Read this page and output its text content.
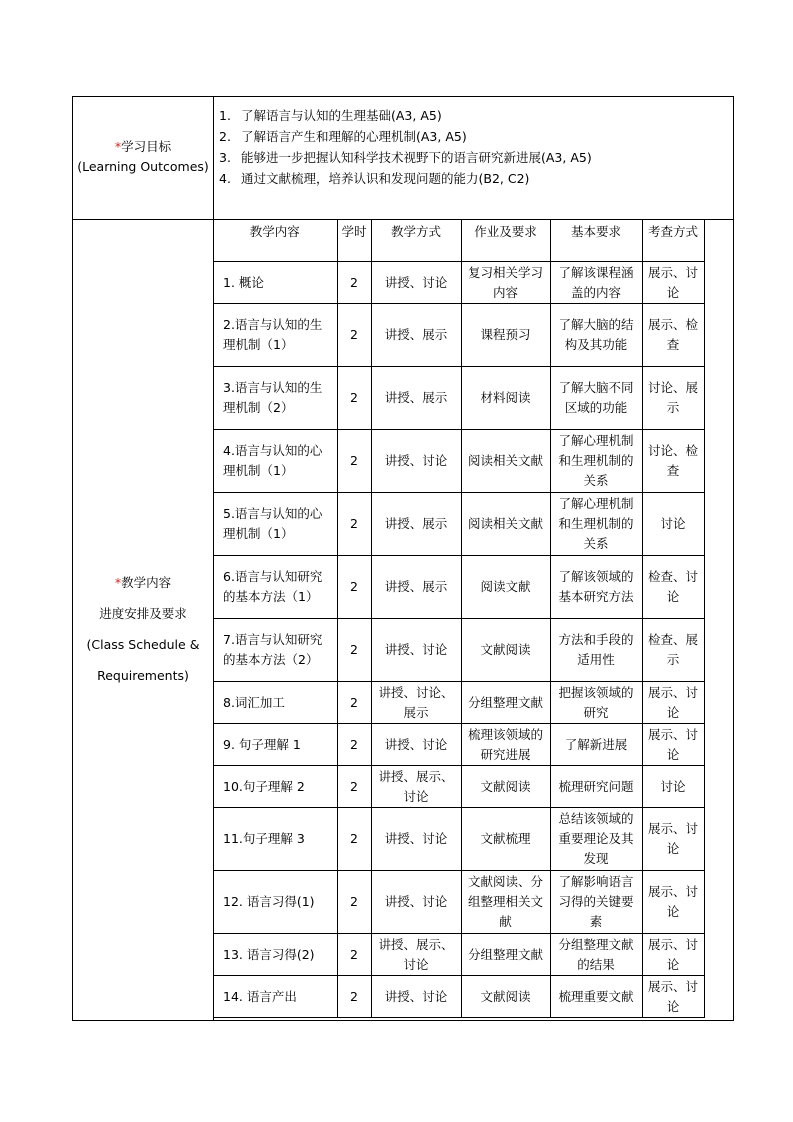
*学习目标
(Learning Outcomes)
1. 了解语言与认知的生理基础(A3, A5)
2. 了解语言产生和理解的心理机制(A3, A5)
3. 能够进一步把握认知科学技术视野下的语言研究新进展(A3, A5)
4. 通过文献梳理，培养认识和发现问题的能力(B2, C2)
*教学内容
进度安排及要求
(Class Schedule &
Requirements)
教学内容	学时	教学方式	作业及要求	基本要求	考查方式
1. 概论	2	讲授、讨论	复习相关学习内容	了解该课程涵盖的内容	展示、讨论
2.语言与认知的生理机制（1）	2	讲授、展示	课程预习	了解大脑的结构及其功能	展示、检查
3.语言与认知的生理机制（2）	2	讲授、展示	材料阅读	了解大脑不同区域的功能	讨论、展示
4.语言与认知的心理机制（1）	2	讲授、讨论	阅读相关文献	了解心理机制和生理机制的关系	讨论、检查
5.语言与认知的心理机制（1）	2	讲授、展示	阅读相关文献	了解心理机制和生理机制的关系	讨论
6.语言与认知研究的基本方法（1）	2	讲授、展示	阅读文献	了解该领域的基本研究方法	检查、讨论
7.语言与认知研究的基本方法（2）	2	讲授、讨论	文献阅读	方法和手段的适用性	检查、展示
8.词汇加工	2	讲授、讨论、展示	分组整理文献	把握该领域的研究	展示、讨论
9. 句子理解 1	2	讲授、讨论	梳理该领域的研究进展	了解新进展	展示、讨论
10.句子理解 2	2	讲授、展示、讨论	文献阅读	梳理研究问题	讨论
11.句子理解 3	2	讲授、讨论	文献梳理	总结该领域的重要理论及其发现	展示、讨论
12. 语言习得(1)	2	讲授、讨论	文献阅读、分组整理相关文献	了解影响语言习得的关键要素	展示、讨论
13. 语言习得(2)	2	讲授、展示、讨论	分组整理文献	分组整理文献的结果	展示、讨论
14. 语言产出	2	讲授、讨论	文献阅读	梳理重要文献	展示、讨论
